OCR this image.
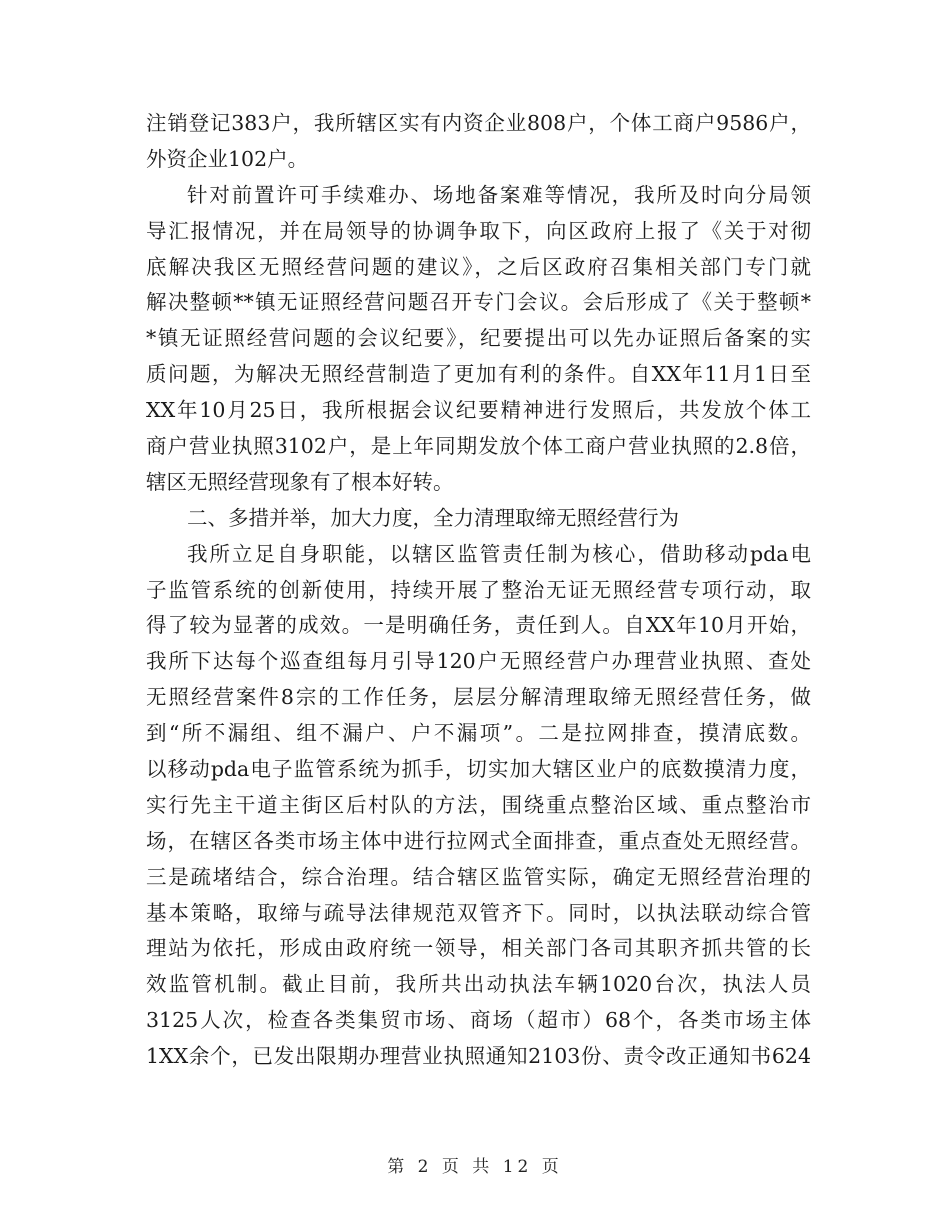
注销登记383户，我所辖区实有内资企业808户，个体工商户9586户，
外资企业102户。
针对前置许可手续难办、场地备案难等情况，我所及时向分局领
导汇报情况，并在局领导的协调争取下，向区政府上报了《关于对彻
底解决我区无照经营问题的建议》，之后区政府召集相关部门专门就
解决整顿**镇无证照经营问题召开专门会议。会后形成了《关于整顿*
*镇无证照经营问题的会议纪要》，纪要提出可以先办证照后备案的实
质问题，为解决无照经营制造了更加有利的条件。自XX年11月1日至
XX年10月25日，我所根据会议纪要精神进行发照后，共发放个体工
商户营业执照3102户，是上年同期发放个体工商户营业执照的2.8倍，
辖区无照经营现象有了根本好转。
二、多措并举，加大力度，全力清理取缔无照经营行为
我所立足自身职能，以辖区监管责任制为核心，借助移动pda电
子监管系统的创新使用，持续开展了整治无证无照经营专项行动，取
得了较为显著的成效。一是明确任务，责任到人。自XX年10月开始，
我所下达每个巡查组每月引导120户无照经营户办理营业执照、查处
无照经营案件8宗的工作任务，层层分解清理取缔无照经营任务，做
到“所不漏组、组不漏户、户不漏项”。二是拉网排查，摸清底数。
以移动pda电子监管系统为抓手，切实加大辖区业户的底数摸清力度，
实行先主干道主街区后村队的方法，围绕重点整治区域、重点整治市
场，在辖区各类市场主体中进行拉网式全面排查，重点查处无照经营。
三是疏堵结合，综合治理。结合辖区监管实际，确定无照经营治理的
基本策略，取缔与疏导法律规范双管齐下。同时，以执法联动综合管
理站为依托，形成由政府统一领导，相关部门各司其职齐抓共管的长
效监管机制。截止目前，我所共出动执法车辆1020台次，执法人员
3125人次，检查各类集贸市场、商场（超市）68个，各类市场主体
1XX余个，已发出限期办理营业执照通知2103份、责令改正通知书624
第 2 页 共 12 页
